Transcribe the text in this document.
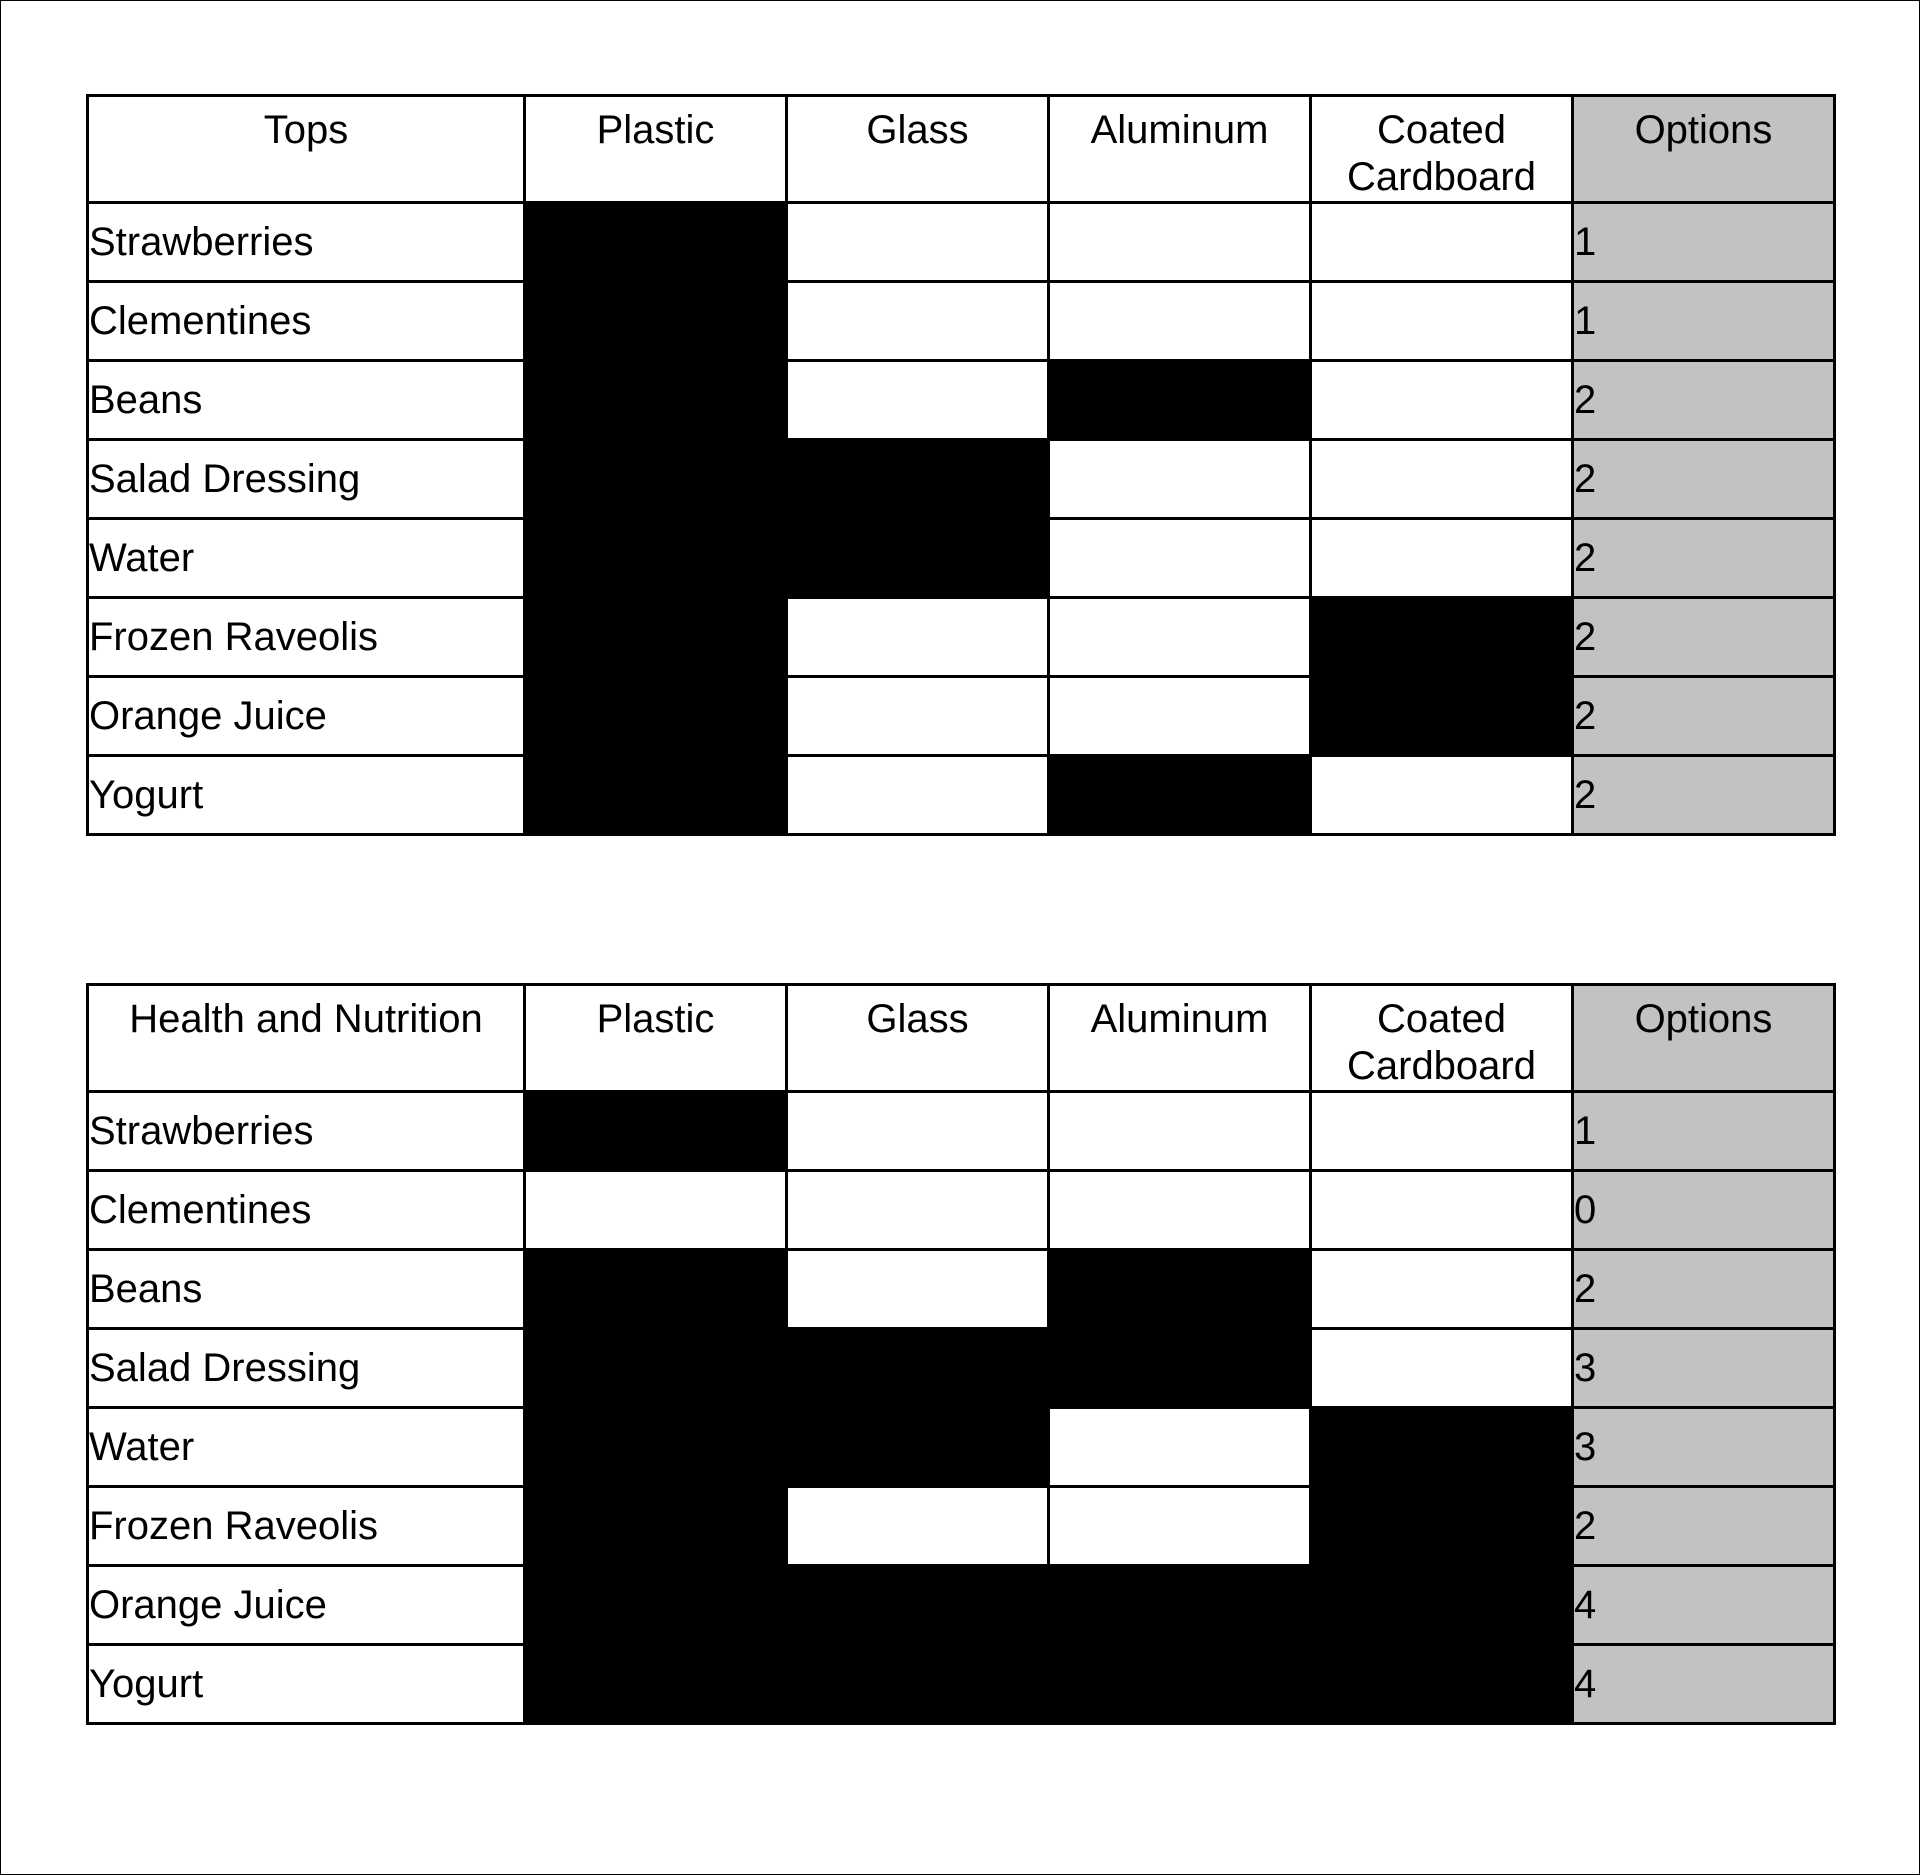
Tops	Plastic	Glass	Aluminum	Coated Cardboard	Options
Strawberries					1
Clementines					1
Beans					2
Salad Dressing					2
Water					2
Frozen Raveolis					2
Orange Juice					2
Yogurt					2
Health and Nutrition	Plastic	Glass	Aluminum	Coated Cardboard	Options
Strawberries					1
Clementines					0
Beans					2
Salad Dressing					3
Water					3
Frozen Raveolis					2
Orange Juice					4
Yogurt					4
